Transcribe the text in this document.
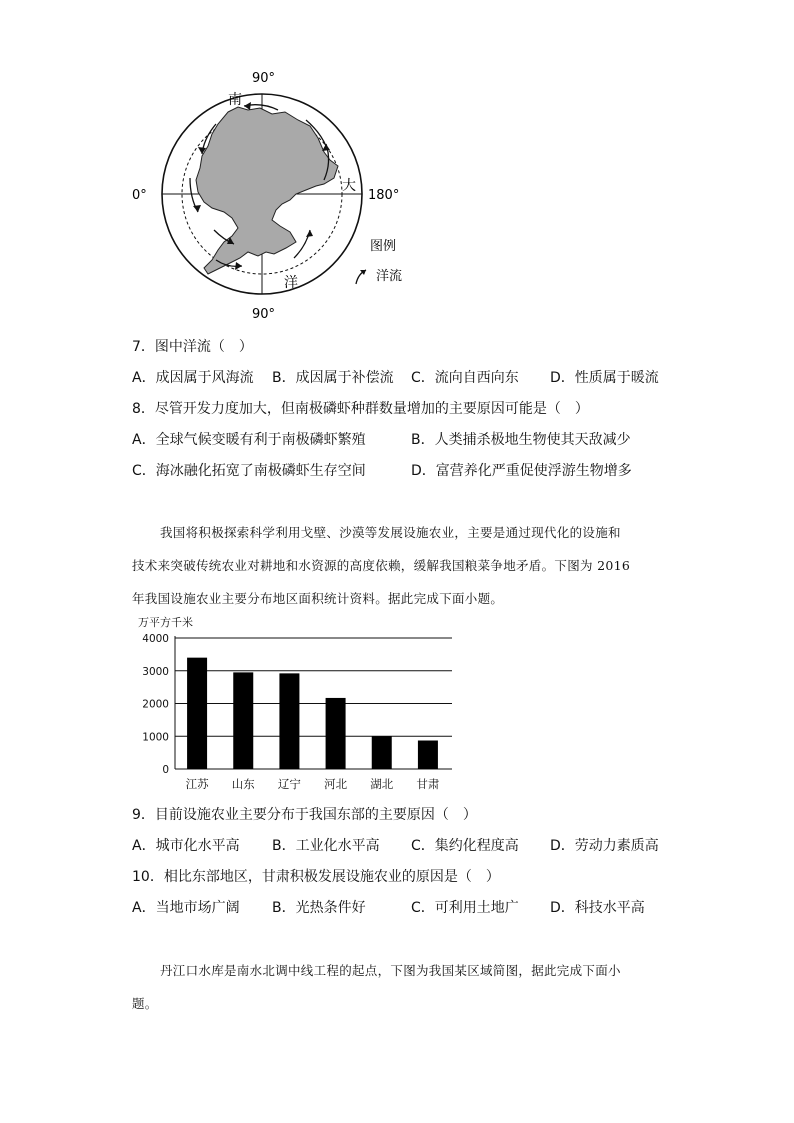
90°
90°
0°	180°
南
大
洋
图例
洋流
7．图中洋流（　）
A．成因属于风海流 B．成因属于补偿流 C．流向自西向东 D．性质属于暖流
8．尽管开发力度加大，但南极磷虾种群数量增加的主要原因可能是（　）
A．全球气候变暖有利于南极磷虾繁殖	B．人类捕杀极地生物使其天敌减少
C．海冰融化拓宽了南极磷虾生存空间	D．富营养化严重促使浮游生物增多
我国将积极探索科学利用戈壁、沙漠等发展设施农业，主要是通过现代化的设施和
技术来突破传统农业对耕地和水资源的高度依赖，缓解我国粮菜争地矛盾。下图为 2016
年我国设施农业主要分布地区面积统计资料。据此完成下面小题。
万平方千米
0
1000
2000
3000
4000
江苏 山东 辽宁 河北 湖北 甘肃
9．目前设施农业主要分布于我国东部的主要原因（　）
A．城市化水平高 B．工业化水平高 C．集约化程度高 D．劳动力素质高
10．相比东部地区，甘肃积极发展设施农业的原因是（　）
A．当地市场广阔 B．光热条件好	C．可利用土地广 D．科技水平高
丹江口水库是南水北调中线工程的起点，下图为我国某区域简图，据此完成下面小
题。
